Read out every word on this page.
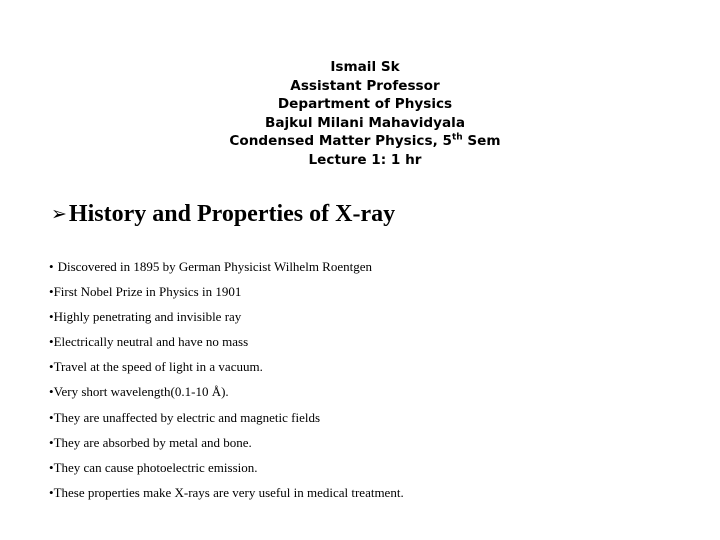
Ismail Sk
Assistant Professor
Department of Physics
Bajkul Milani Mahavidyala
Condensed Matter Physics, 5th Sem
Lecture 1: 1 hr
➢History and Properties of X-ray
• Discovered in 1895 by German Physicist Wilhelm Roentgen
•First Nobel Prize in Physics in 1901
•Highly penetrating and invisible ray
•Electrically neutral and have no mass
•Travel at the speed of light in a vacuum.
•Very short wavelength(0.1-10 Å).
•They are unaffected by electric and magnetic fields
•They are absorbed by metal and bone.
•They can cause photoelectric emission.
•These properties make X-rays are very useful in medical treatment.
